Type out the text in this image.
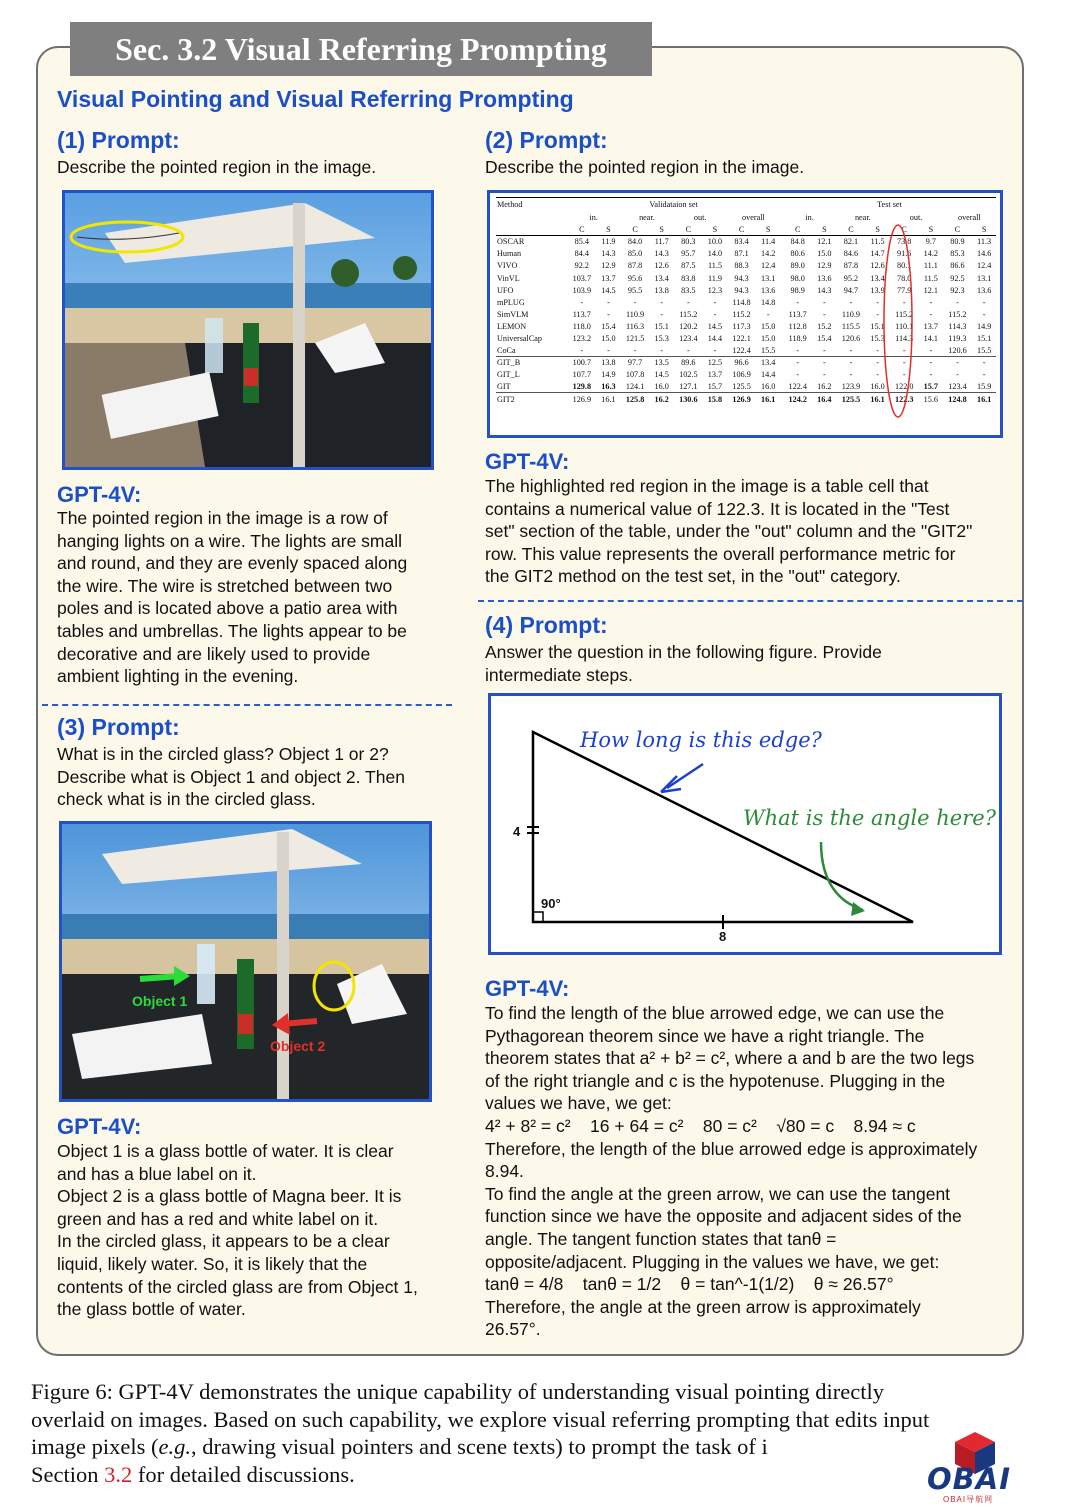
Sec. 3.2 Visual Referring Prompting
Visual Pointing and Visual Referring Prompting
(1) Prompt:
Describe the pointed region in the image.
GPT-4V:
The pointed region in the image is a row of
hanging lights on a wire. The lights are small
and round, and they are evenly spaced along
the wire. The wire is stretched between two
poles and is located above a patio area with
tables and umbrellas. The lights appear to be
decorative and are likely used to provide
ambient lighting in the evening.
(3) Prompt:
What is in the circled glass? Object 1 or 2?
Describe what is Object 1 and object 2. Then
check what is in the circled glass.
Object 1
Object 2
GPT-4V:
Object 1 is a glass bottle of water. It is clear
and has a blue label on it.
Object 2 is a glass bottle of Magna beer. It is
green and has a red and white label on it.
In the circled glass, it appears to be a clear
liquid, likely water. So, it is likely that the
contents of the circled glass are from Object 1,
the glass bottle of water.
(2) Prompt:
Describe the pointed region in the image.
Method		Validataion set									Test set							
		in.		near.		out.		overall			in.		near.		out.		overall	
		C	S	C	S	C	S	C	S		C	S	C	S	C	S	C	S
OSCAR		85.4	11.9	84.0	11.7	80.3	10.0	83.4	11.4		84.8	12.1	82.1	11.5	73.8	9.7	80.9	11.3
Human		84.4	14.3	85.0	14.3	95.7	14.0	87.1	14.2		80.6	15.0	84.6	14.7	91.6	14.2	85.3	14.6
VIVO		92.2	12.9	87.8	12.6	87.5	11.5	88.3	12.4		89.0	12.9	87.8	12.6	80.1	11.1	86.6	12.4
VinVL		103.7	13.7	95.6	13.4	83.8	11.9	94.3	13.1		98.0	13.6	95.2	13.4	78.0	11.5	92.5	13.1
UFO		103.9	14.5	95.5	13.8	83.5	12.3	94.3	13.6		98.9	14.3	94.7	13.9	77.9	12.1	92.3	13.6
mPLUG		-	-	-	-	-	-	114.8	14.8		-	-	-	-	-	-	-	-
SimVLM		113.7	-	110.9	-	115.2	-	115.2	-		113.7	-	110.9	-	115.2	-	115.2	-
LEMON		118.0	15.4	116.3	15.1	120.2	14.5	117.3	15.0		112.8	15.2	115.5	15.1	110.1	13.7	114.3	14.9
UniversalCap		123.2	15.0	121.5	15.3	123.4	14.4	122.1	15.0		118.9	15.4	120.6	15.3	114.3	14.1	119.3	15.1
CoCa		-	-	-	-	-	-	122.4	15.5		-	-	-	-	-	-	120.6	15.5
GIT_B		100.7	13.8	97.7	13.5	89.6	12.5	96.6	13.4		-	-	-	-	-	-	-	-
GIT_L		107.7	14.9	107.8	14.5	102.5	13.7	106.9	14.4		-	-	-	-	-	-	-	-
GIT		129.8	16.3	124.1	16.0	127.1	15.7	125.5	16.0		122.4	16.2	123.9	16.0	122.0	15.7	123.4	15.9
GIT2		126.9	16.1	125.8	16.2	130.6	15.8	126.9	16.1		124.2	16.4	125.5	16.1	122.3	15.6	124.8	16.1
GPT-4V:
The highlighted red region in the image is a table cell that
contains a numerical value of 122.3. It is located in the "Test
set" section of the table, under the "out" column and the "GIT2"
row. This value represents the overall performance metric for
the GIT2 method on the test set, in the "out" category.
(4) Prompt:
Answer the question in the following figure. Provide
intermediate steps.
How long is this edge?
What is the angle here?
4
8
90°
GPT-4V:
To find the length of the blue arrowed edge, we can use the
Pythagorean theorem since we have a right triangle. The
theorem states that a² + b² = c², where a and b are the two legs
of the right triangle and c is the hypotenuse. Plugging in the
values we have, we get:
4² + 8² = c²    16 + 64 = c²    80 = c²    √80 = c    8.94 ≈ c
Therefore, the length of the blue arrowed edge is approximately
8.94.
To find the angle at the green arrow, we can use the tangent
function since we have the opposite and adjacent sides of the
angle. The tangent function states that tanθ =
opposite/adjacent. Plugging in the values we have, we get:
tanθ = 4/8    tanθ = 1/2    θ = tan^-1(1/2)    θ ≈ 26.57°
Therefore, the angle at the green arrow is approximately
26.57°.
Figure 6: GPT-4V demonstrates the unique capability of understanding visual pointing directly
overlaid on images. Based on such capability, we explore visual referring prompting that edits input
image pixels (e.g., drawing visual pointers and scene texts) to prompt the task of i
Section 3.2 for detailed discussions.	OBAI
OBAI导航网
